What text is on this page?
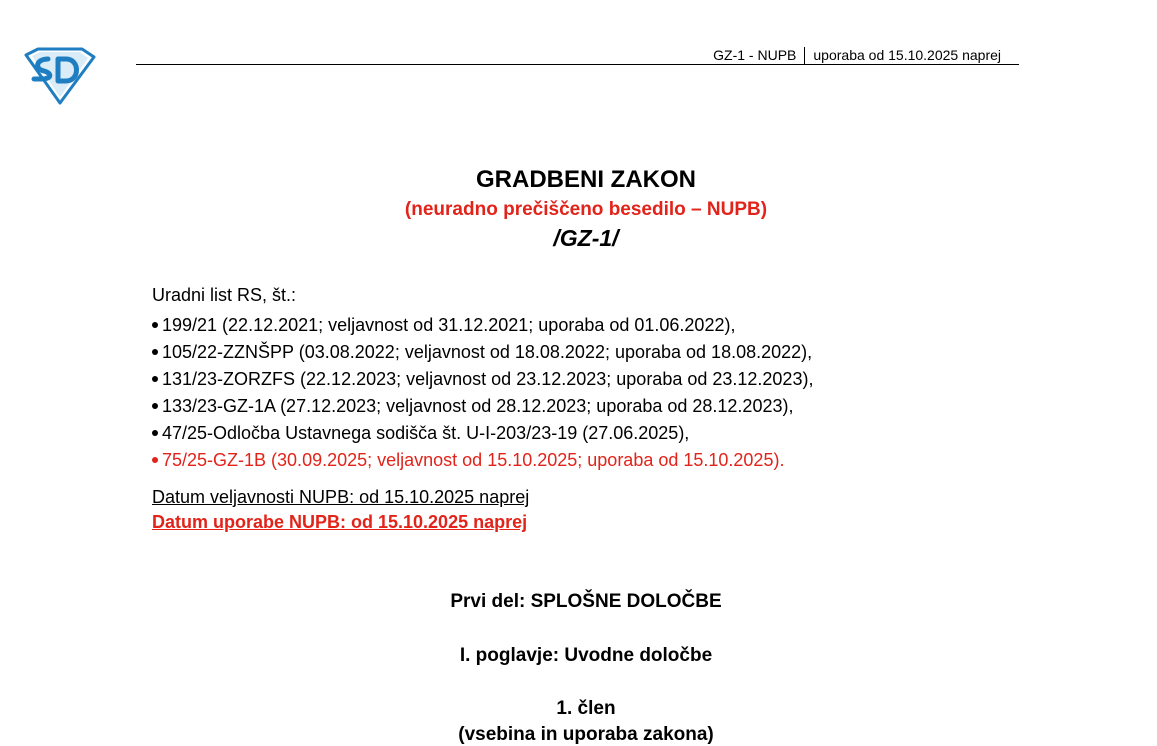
GZ-1 - NUPB uporaba od 15.10.2025 naprej
GRADBENI ZAKON
(neuradno prečiščeno besedilo – NUPB)
/GZ-1/
Uradni list RS, št.:
199/21 (22.12.2021; veljavnost od 31.12.2021; uporaba od 01.06.2022),
105/22-ZZNŠPP (03.08.2022; veljavnost od 18.08.2022; uporaba od 18.08.2022),
131/23-ZORZFS (22.12.2023; veljavnost od 23.12.2023; uporaba od 23.12.2023),
133/23-GZ-1A (27.12.2023; veljavnost od 28.12.2023; uporaba od 28.12.2023),
47/25-Odločba Ustavnega sodišča št. U-I-203/23-19 (27.06.2025),
75/25-GZ-1B (30.09.2025; veljavnost od 15.10.2025; uporaba od 15.10.2025).
Datum veljavnosti NUPB: od 15.10.2025 naprej
Datum uporabe NUPB: od 15.10.2025 naprej
Prvi del: SPLOŠNE DOLOČBE
I. poglavje: Uvodne določbe
1. člen
(vsebina in uporaba zakona)
